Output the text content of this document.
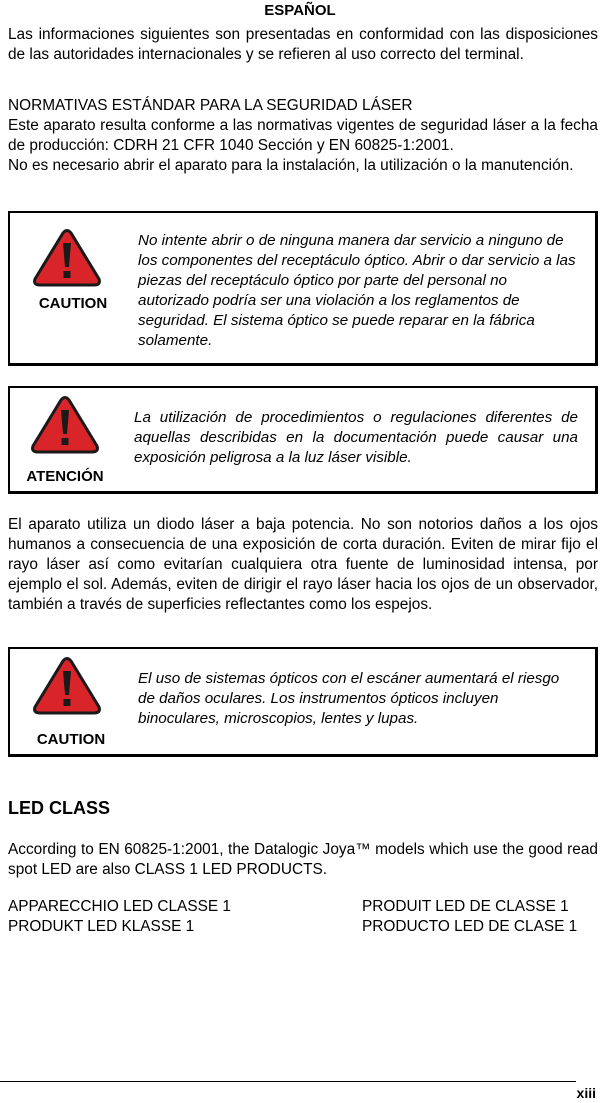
ESPAÑOL
Las informaciones siguientes son presentadas en conformidad con las disposiciones de las autoridades internacionales y se refieren al uso correcto del terminal.
NORMATIVAS ESTÁNDAR PARA LA SEGURIDAD LÁSER
Este aparato resulta conforme a las normativas vigentes de seguridad láser a la fecha de producción: CDRH 21 CFR 1040 Sección y EN 60825-1:2001.
No es necesario abrir el aparato para la instalación, la utilización o la manutención.
CAUTION
No intente abrir o de ninguna manera dar servicio a ninguno de los componentes del receptáculo óptico. Abrir o dar servicio a las piezas del receptáculo óptico por parte del personal no autorizado podría ser una violación a los reglamentos de seguridad. El sistema óptico se puede reparar en la fábrica solamente.
ATENCIÓN
La utilización de procedimientos o regulaciones diferentes de aquellas describidas en la documentación puede causar una exposición peligrosa a la luz láser visible.
El aparato utiliza un diodo láser a baja potencia. No son notorios daños a los ojos humanos a consecuencia de una exposición de corta duración. Eviten de mirar fijo el rayo láser así como evitarían cualquiera otra fuente de luminosidad intensa, por ejemplo el sol. Además, eviten de dirigir el rayo láser hacia los ojos de un observador, también a través de superficies reflectantes como los espejos.
CAUTION
El uso de sistemas ópticos con el escáner aumentará el riesgo de daños oculares. Los instrumentos ópticos incluyen binoculares, microscopios, lentes y lupas.
LED CLASS
According to EN 60825-1:2001, the Datalogic Joya™ models which use the good read spot LED are also CLASS 1 LED PRODUCTS.
APPARECCHIO LED CLASSE 1
PRODUKT LED KLASSE 1
PRODUIT LED DE CLASSE 1
PRODUCTO LED DE CLASE 1
xiii
